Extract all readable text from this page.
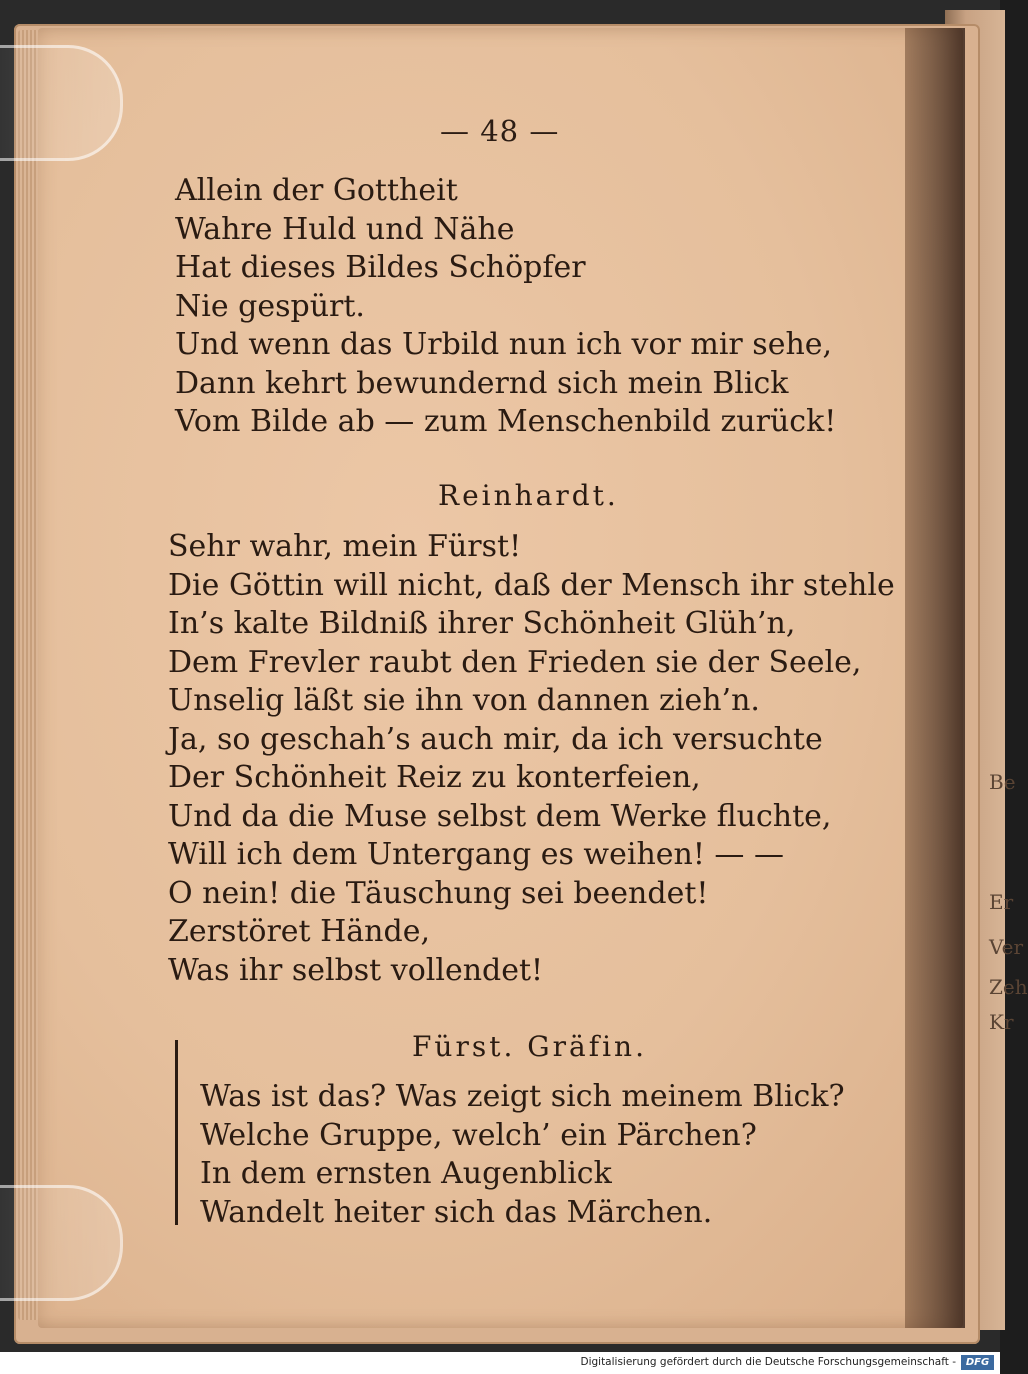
Be
Er
Ver
Zeh
Kr
— 48 —
Allein der Gottheit
Wahre Huld und Nähe
Hat dieses Bildes Schöpfer
Nie gespürt.
Und wenn das Urbild nun ich vor mir sehe,
Dann kehrt bewundernd sich mein Blick
Vom Bilde ab — zum Menschenbild zurück!
Reinhardt.
Sehr wahr, mein Fürst!
Die Göttin will nicht, daß der Mensch ihr stehle
In’s kalte Bildniß ihrer Schönheit Glüh’n,
Dem Frevler raubt den Frieden sie der Seele,
Unselig läßt sie ihn von dannen zieh’n.
Ja, so geschah’s auch mir, da ich versuchte
Der Schönheit Reiz zu konterfeien,
Und da die Muse selbst dem Werke fluchte,
Will ich dem Untergang es weihen! — —
O nein! die Täuschung sei beendet!
Zerstöret Hände,
Was ihr selbst vollendet!
Fürst. Gräfin.
Was ist das? Was zeigt sich meinem Blick?
Welche Gruppe, welch’ ein Pärchen?
In dem ernsten Augenblick
Wandelt heiter sich das Märchen.
Digitalisierung gefördert durch die Deutsche Forschungsgemeinschaft - DFG
